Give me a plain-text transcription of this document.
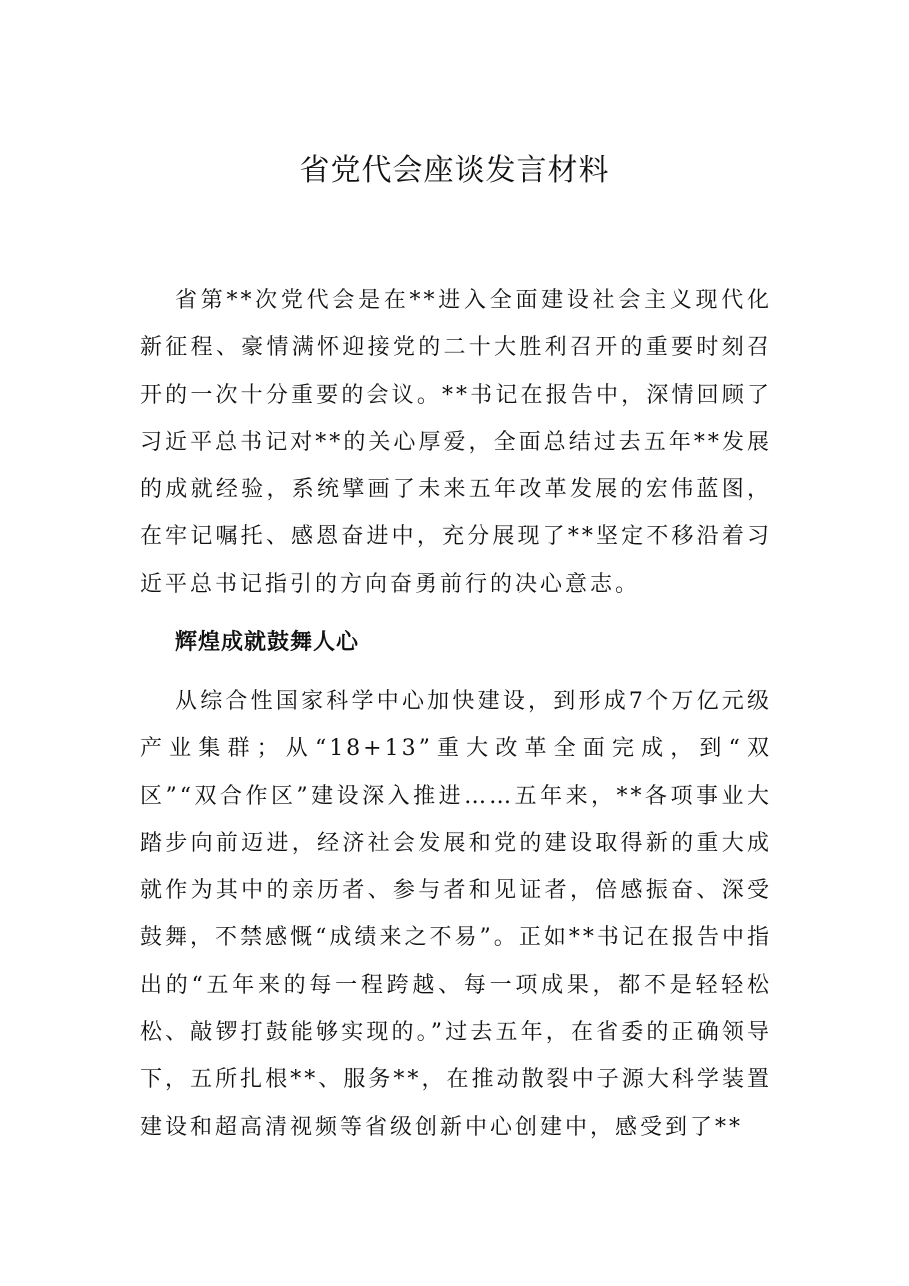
省党代会座谈发言材料

省第**次党代会是在**进入全面建设社会主义现代化新征程、豪情满怀迎接党的二十大胜利召开的重要时刻召开的一次十分重要的会议。**书记在报告中，深情回顾了习近平总书记对**的关心厚爱，全面总结过去五年**发展的成就经验，系统擘画了未来五年改革发展的宏伟蓝图，在牢记嘱托、感恩奋进中，充分展现了**坚定不移沿着习近平总书记指引的方向奋勇前行的决心意志。

辉煌成就鼓舞人心

从综合性国家科学中心加快建设，到形成7个万亿元级产业集群；从“18+13”重大改革全面完成，到“双区”“双合作区”建设深入推进……五年来，**各项事业大踏步向前迈进，经济社会发展和党的建设取得新的重大成就作为其中的亲历者、参与者和见证者，倍感振奋、深受鼓舞，不禁感慨“成绩来之不易”。正如**书记在报告中指出的“五年来的每一程跨越、每一项成果，都不是轻轻松松、敲锣打鼓能够实现的。”过去五年，在省委的正确领导下，五所扎根**、服务**，在推动散裂中子源大科学装置建设和超高清视频等省级创新中心创建中，感受到了**
